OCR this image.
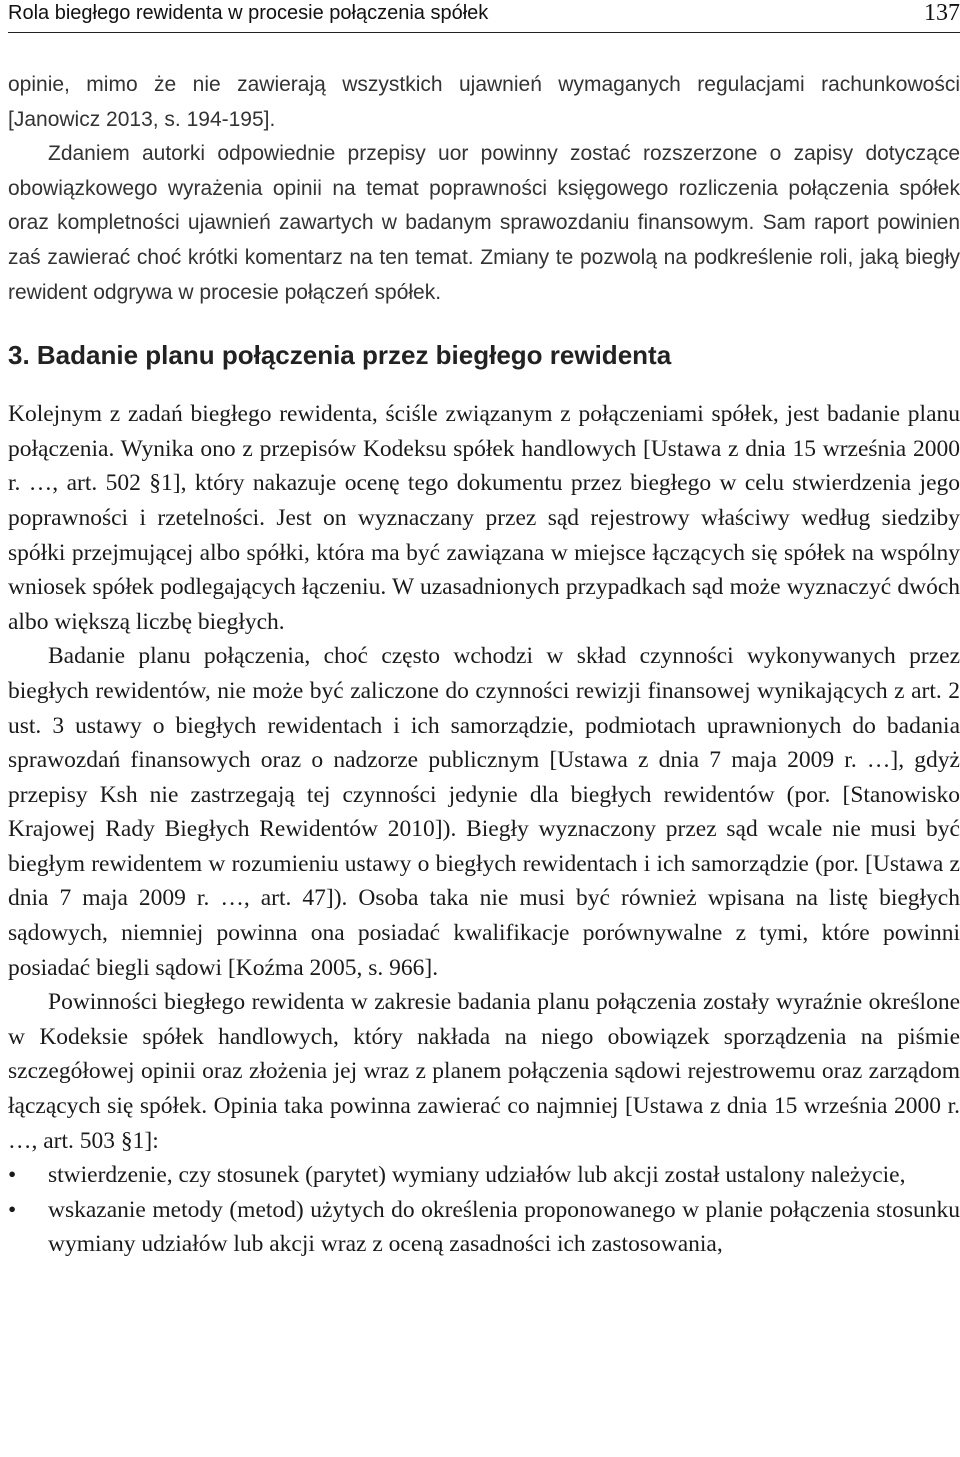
Rola biegłego rewidenta w procesie połączenia spółek	137

opinie, mimo że nie zawierają wszystkich ujawnień wymaganych regulacjami rachunkowości [Janowicz 2013, s. 194-195].

Zdaniem autorki odpowiednie przepisy uor powinny zostać rozszerzone o zapisy dotyczące obowiązkowego wyrażenia opinii na temat poprawności księgowego rozliczenia połączenia spółek oraz kompletności ujawnień zawartych w badanym sprawozdaniu finansowym. Sam raport powinien zaś zawierać choć krótki komentarz na ten temat. Zmiany te pozwolą na podkreślenie roli, jaką biegły rewident odgrywa w procesie połączeń spółek.

3. Badanie planu połączenia przez biegłego rewidenta

Kolejnym z zadań biegłego rewidenta, ściśle związanym z połączeniami spółek, jest badanie planu połączenia. Wynika ono z przepisów Kodeksu spółek handlowych [Ustawa z dnia 15 września 2000 r. …, art. 502 §1], który nakazuje ocenę tego dokumentu przez biegłego w celu stwierdzenia jego poprawności i rzetelności. Jest on wyznaczany przez sąd rejestrowy właściwy według siedziby spółki przejmującej albo spółki, która ma być zawiązana w miejsce łączących się spółek na wspólny wniosek spółek podlegających łączeniu. W uzasadnionych przypadkach sąd może wyznaczyć dwóch albo większą liczbę biegłych.

Badanie planu połączenia, choć często wchodzi w skład czynności wykonywanych przez biegłych rewidentów, nie może być zaliczone do czynności rewizji finansowej wynikających z art. 2 ust. 3 ustawy o biegłych rewidentach i ich samorządzie, podmiotach uprawnionych do badania sprawozdań finansowych oraz o nadzorze publicznym [Ustawa z dnia 7 maja 2009 r. …], gdyż przepisy Ksh nie zastrzegają tej czynności jedynie dla biegłych rewidentów (por. [Stanowisko Krajowej Rady Biegłych Rewidentów 2010]). Biegły wyznaczony przez sąd wcale nie musi być biegłym rewidentem w rozumieniu ustawy o biegłych rewidentach i ich samorządzie (por. [Ustawa z dnia 7 maja 2009 r. …, art. 47]). Osoba taka nie musi być również wpisana na listę biegłych sądowych, niemniej powinna ona posiadać kwalifikacje porównywalne z tymi, które powinni posiadać biegli sądowi [Koźma 2005, s. 966].

Powinności biegłego rewidenta w zakresie badania planu połączenia zostały wyraźnie określone w Kodeksie spółek handlowych, który nakłada na niego obowiązek sporządzenia na piśmie szczegółowej opinii oraz złożenia jej wraz z planem połączenia sądowi rejestrowemu oraz zarządom łączących się spółek. Opinia taka powinna zawierać co najmniej [Ustawa z dnia 15 września 2000 r. …, art. 503 §1]:

• stwierdzenie, czy stosunek (parytet) wymiany udziałów lub akcji został ustalony należycie,
• wskazanie metody (metod) użytych do określenia proponowanego w planie połączenia stosunku wymiany udziałów lub akcji wraz z oceną zasadności ich zastosowania,
